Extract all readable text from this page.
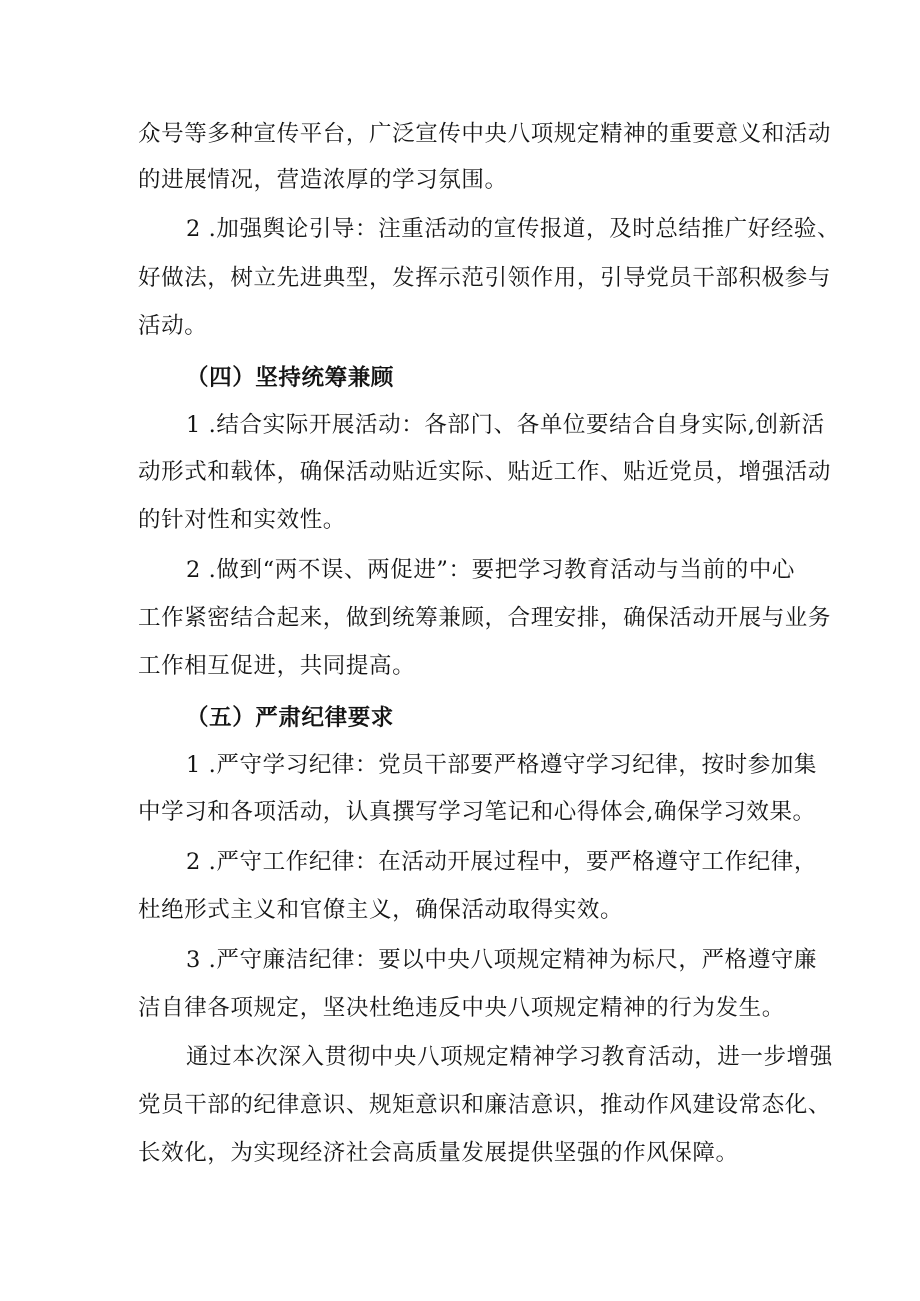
众号等多种宣传平台，广泛宣传中央八项规定精神的重要意义和活动
的进展情况，营造浓厚的学习氛围。
2 .加强舆论引导：注重活动的宣传报道，及时总结推广好经验、
好做法，树立先进典型，发挥示范引领作用，引导党员干部积极参与
活动。
（四）坚持统筹兼顾
1 .结合实际开展活动：各部门、各单位要结合自身实际,创新活
动形式和载体，确保活动贴近实际、贴近工作、贴近党员，增强活动
的针对性和实效性。
2 .做到“两不误、两促进”：要把学习教育活动与当前的中心
工作紧密结合起来，做到统筹兼顾，合理安排，确保活动开展与业务
工作相互促进，共同提高。
（五）严肃纪律要求
1 .严守学习纪律：党员干部要严格遵守学习纪律，按时参加集
中学习和各项活动，认真撰写学习笔记和心得体会,确保学习效果。
2 .严守工作纪律：在活动开展过程中，要严格遵守工作纪律，
杜绝形式主义和官僚主义，确保活动取得实效。
3 .严守廉洁纪律：要以中央八项规定精神为标尺，严格遵守廉
洁自律各项规定，坚决杜绝违反中央八项规定精神的行为发生。
通过本次深入贯彻中央八项规定精神学习教育活动，进一步增强
党员干部的纪律意识、规矩意识和廉洁意识，推动作风建设常态化、
长效化，为实现经济社会高质量发展提供坚强的作风保障。
